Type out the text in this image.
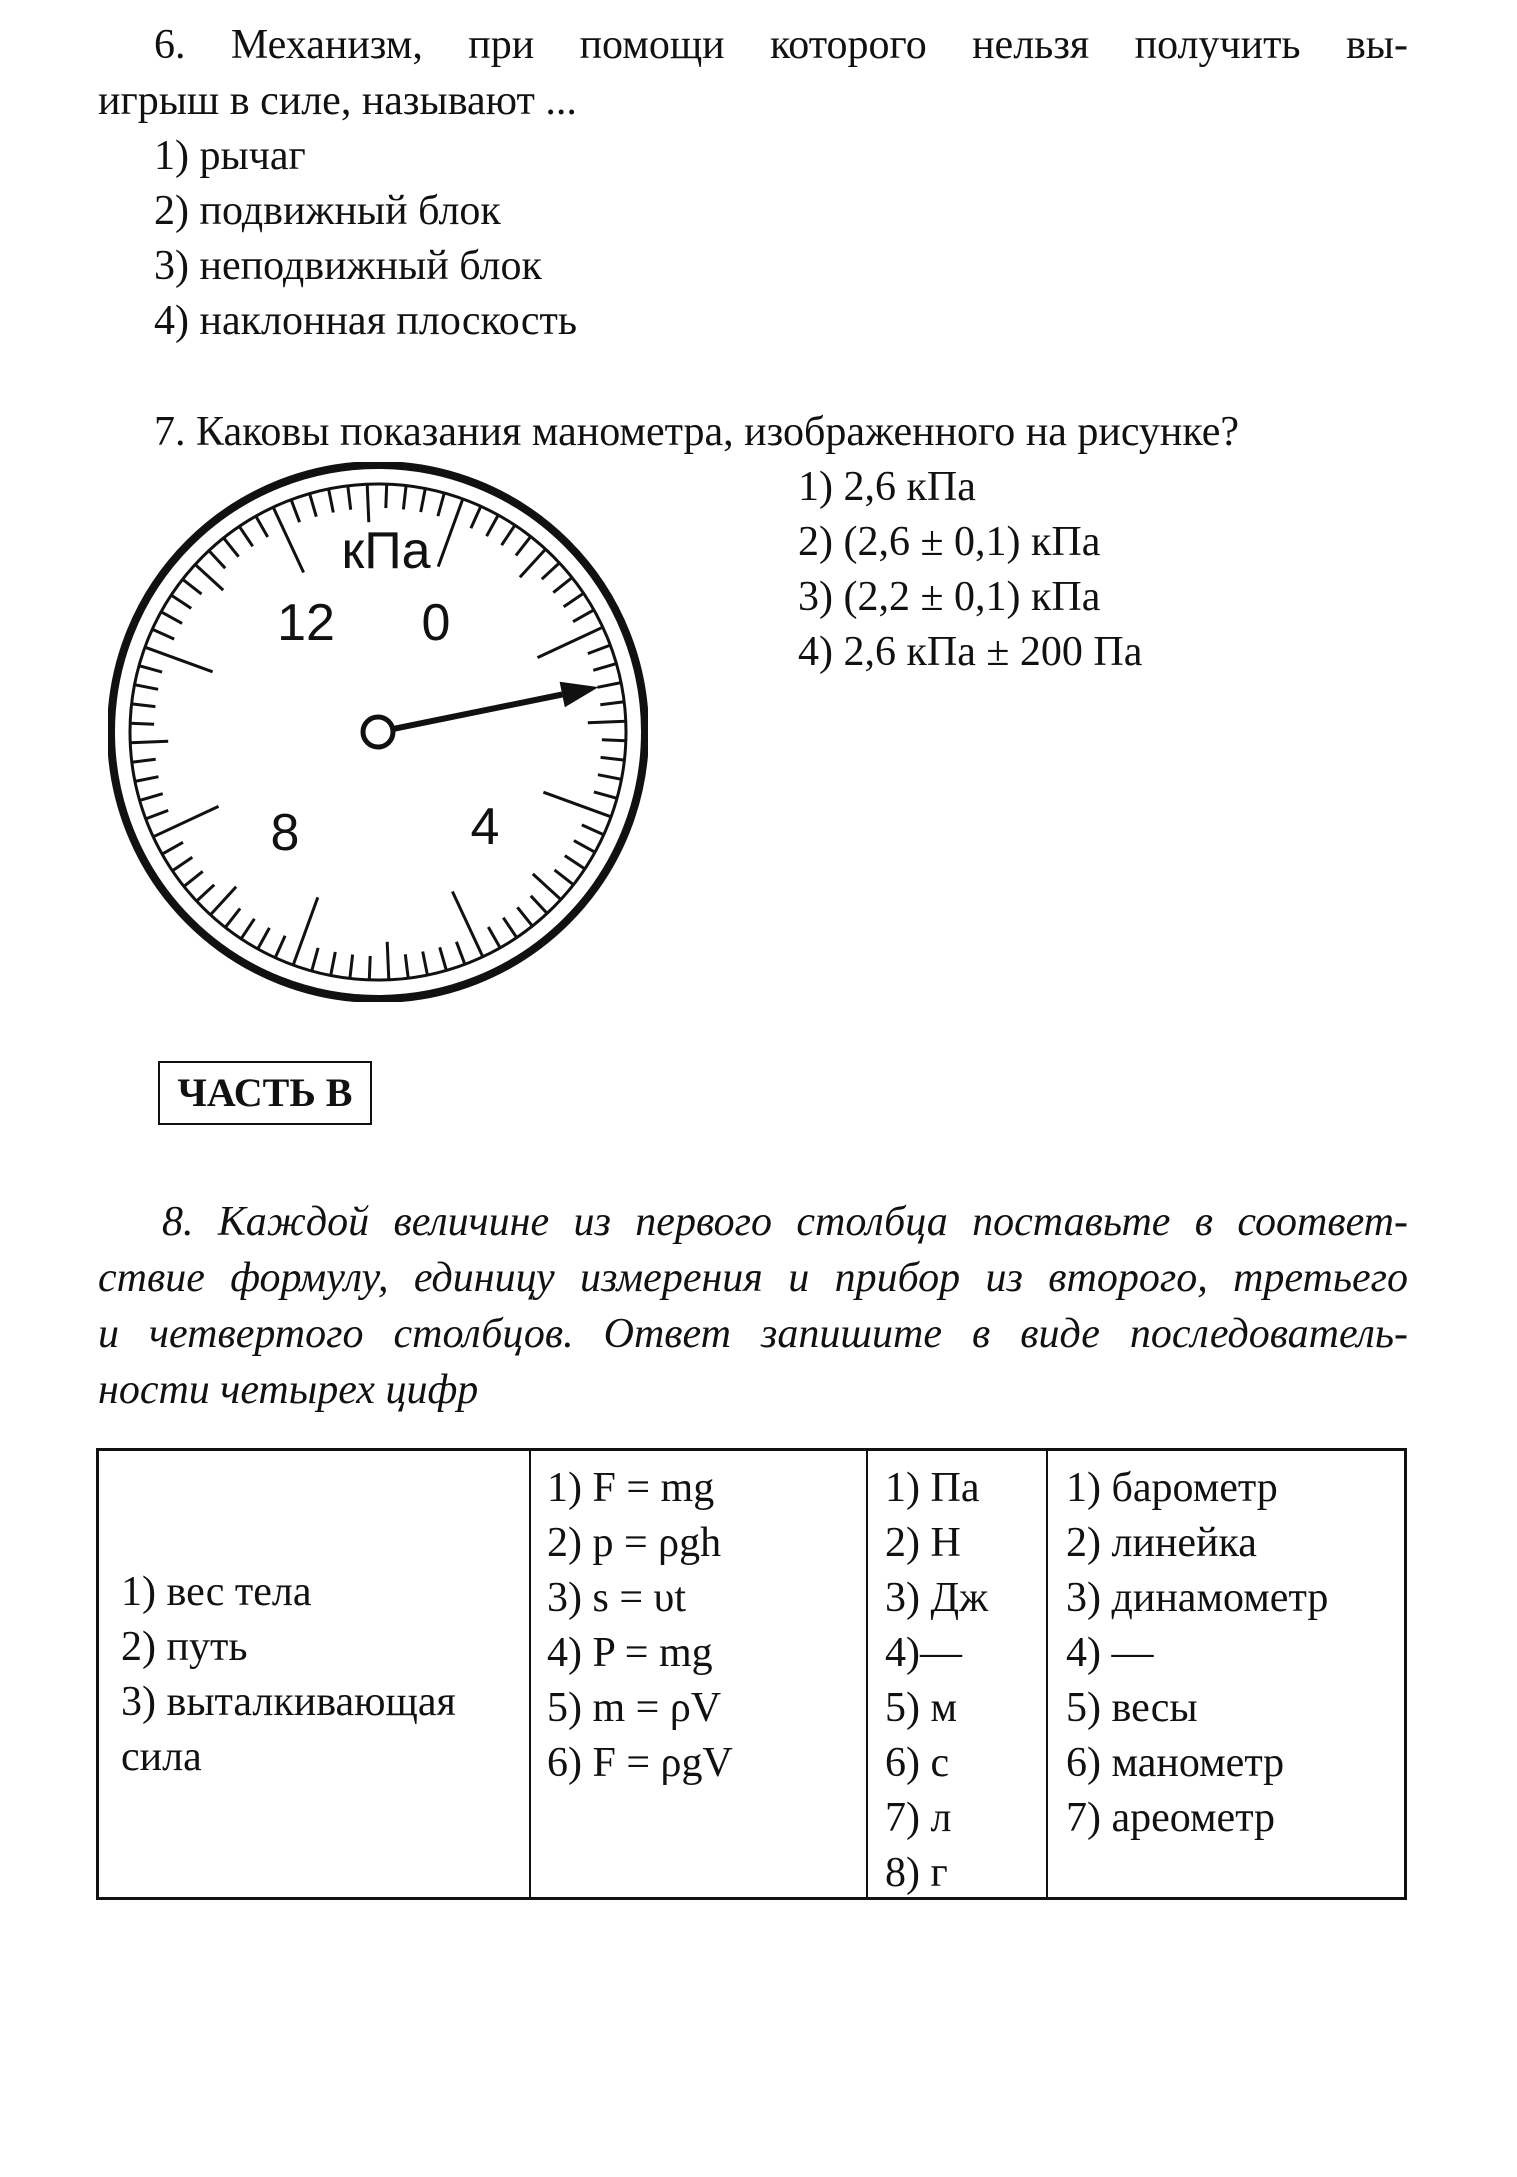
6. Механизм, при помощи которого нельзя получить вы-
игрыш в силе, называют ...
1) рычаг
2) подвижный блок
3) неподвижный блок
4) наклонная плоскость
7. Каковы показания манометра, изображенного на рисунке?
1) 2,6 кПа
2) (2,6 ± 0,1) кПа
3) (2,2 ± 0,1) кПа
4) 2,6 кПа ± 200 Па
кПа
0
12
4
8
ЧАСТЬ В
8. Каждой величине из первого столбца поставьте в соответ-
ствие формулу, единицу измерения и прибор из второго, третьего
и четвертого столбцов. Ответ запишите в виде последователь-
ности четырех цифр
1) вес тела
2) путь
3) выталкивающая
сила
1) F = mg
2) p = ρgh
3) s = υt
4) P = mg
5) m = ρV
6) F = ρgV
1) Па
2) Н
3) Дж
4)—
5) м
6) с
7) л
8) г
1) барометр
2) линейка
3) динамометр
4) —
5) весы
6) манометр
7) ареометр
